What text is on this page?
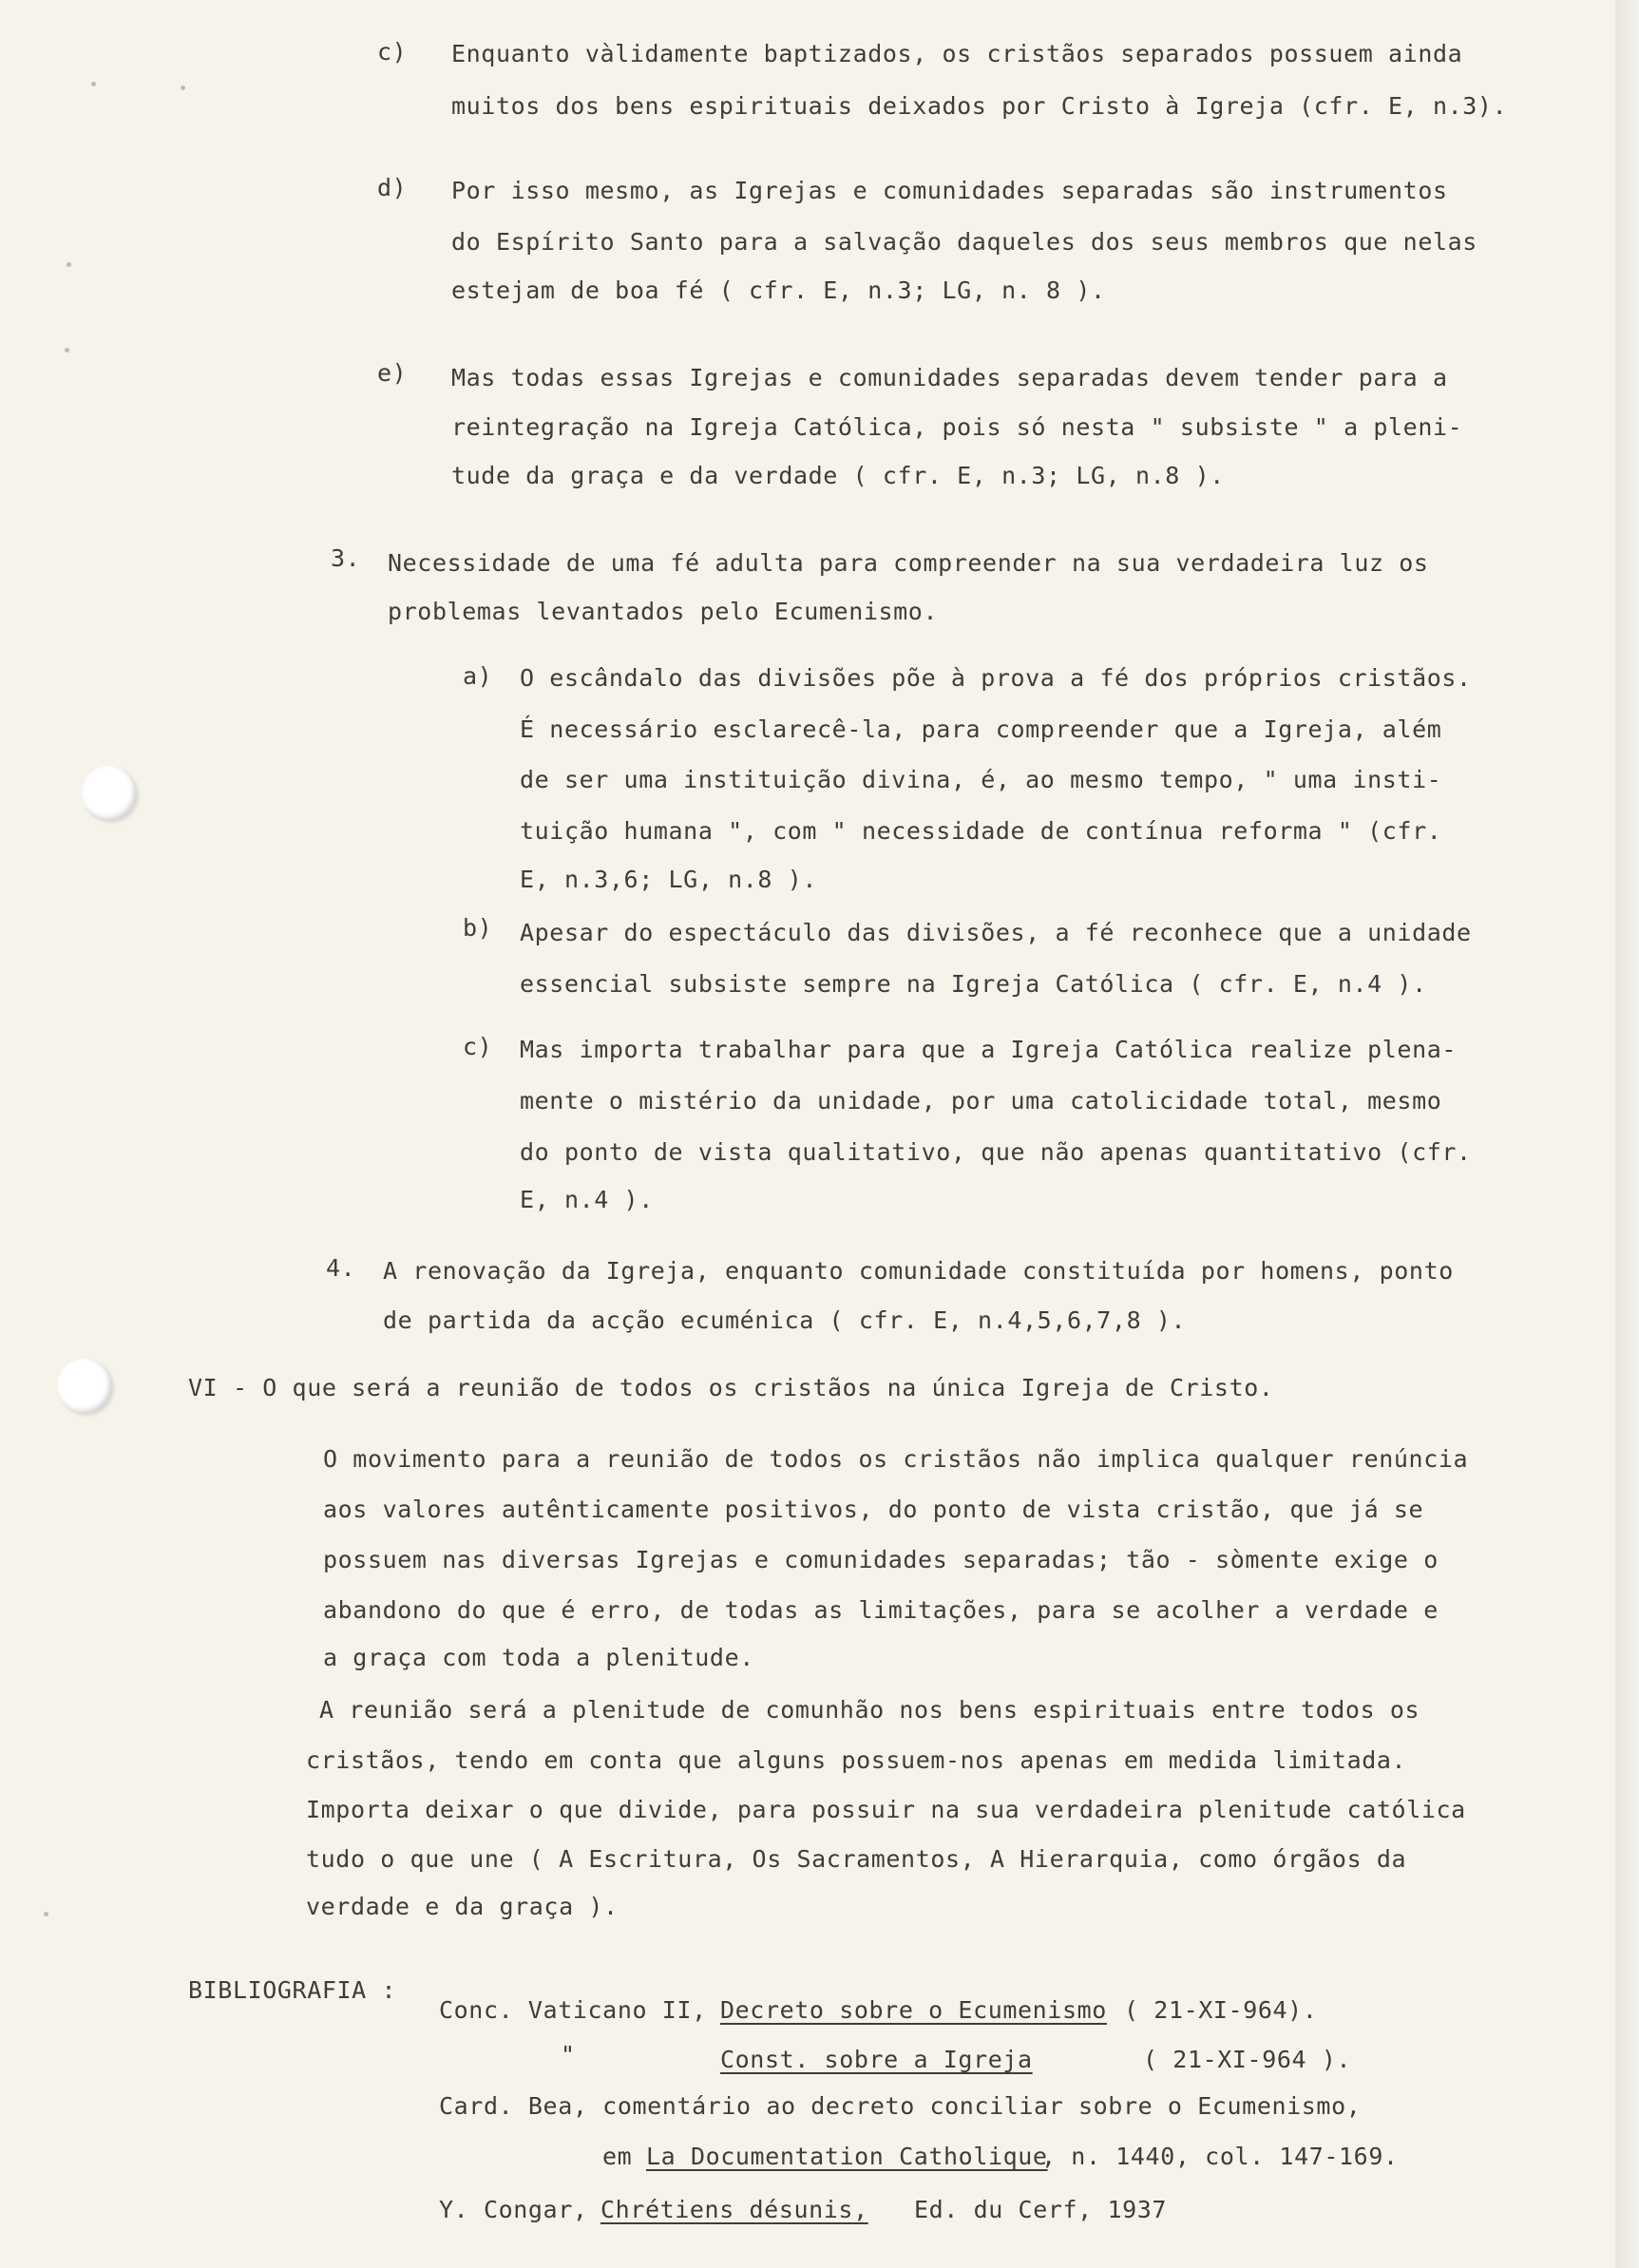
c) Enquanto vàlidamente baptizados, os cristãos separados possuem ainda
muitos dos bens espirituais deixados por Cristo à Igreja (cfr. E, n.3).
d) Por isso mesmo, as Igrejas e comunidades separadas são instrumentos
do Espírito Santo para a salvação daqueles dos seus membros que nelas
estejam de boa fé ( cfr. E, n.3; LG, n. 8 ).
e) Mas todas essas Igrejas e comunidades separadas devem tender para a
reintegração na Igreja Católica, pois só nesta " subsiste " a pleni-
tude da graça e da verdade ( cfr. E, n.3; LG, n.8 ).
3. Necessidade de uma fé adulta para compreender na sua verdadeira luz os
problemas levantados pelo Ecumenismo.
a) O escândalo das divisões põe à prova a fé dos próprios cristãos.
É necessário esclarecê-la, para compreender que a Igreja, além
de ser uma instituição divina, é, ao mesmo tempo, " uma insti-
tuição humana ", com " necessidade de contínua reforma " (cfr.
E, n.3,6; LG, n.8 ).
b) Apesar do espectáculo das divisões, a fé reconhece que a unidade
essencial subsiste sempre na Igreja Católica ( cfr. E, n.4 ).
c) Mas importa trabalhar para que a Igreja Católica realize plena-
mente o mistério da unidade, por uma catolicidade total, mesmo
do ponto de vista qualitativo, que não apenas quantitativo (cfr.
E, n.4 ).
4. A renovação da Igreja, enquanto comunidade constituída por homens, ponto
de partida da acção ecuménica ( cfr. E, n.4,5,6,7,8 ).
VI - O que será a reunião de todos os cristãos na única Igreja de Cristo.
O movimento para a reunião de todos os cristãos não implica qualquer renúncia
aos valores autênticamente positivos, do ponto de vista cristão, que já se
possuem nas diversas Igrejas e comunidades separadas; tão - sòmente exige o
abandono do que é erro, de todas as limitações, para se acolher a verdade e
a graça com toda a plenitude.
A reunião será a plenitude de comunhão nos bens espirituais entre todos os
cristãos, tendo em conta que alguns possuem-nos apenas em medida limitada.
Importa deixar o que divide, para possuir na sua verdadeira plenitude católica
tudo o que une ( A Escritura, Os Sacramentos, A Hierarquia, como órgãos da
verdade e da graça ).
BIBLIOGRAFIA :
Conc. Vaticano II, Decreto sobre o Ecumenismo ( 21-XI-964).
"	Const. sobre a Igreja	( 21-XI-964 ).
Card. Bea, comentário ao decreto conciliar sobre o Ecumenismo,
em La Documentation Catholique
, n. 1440, col. 147-169.
Y. Congar, Chrétiens désunis, Ed. du Cerf, 1937
